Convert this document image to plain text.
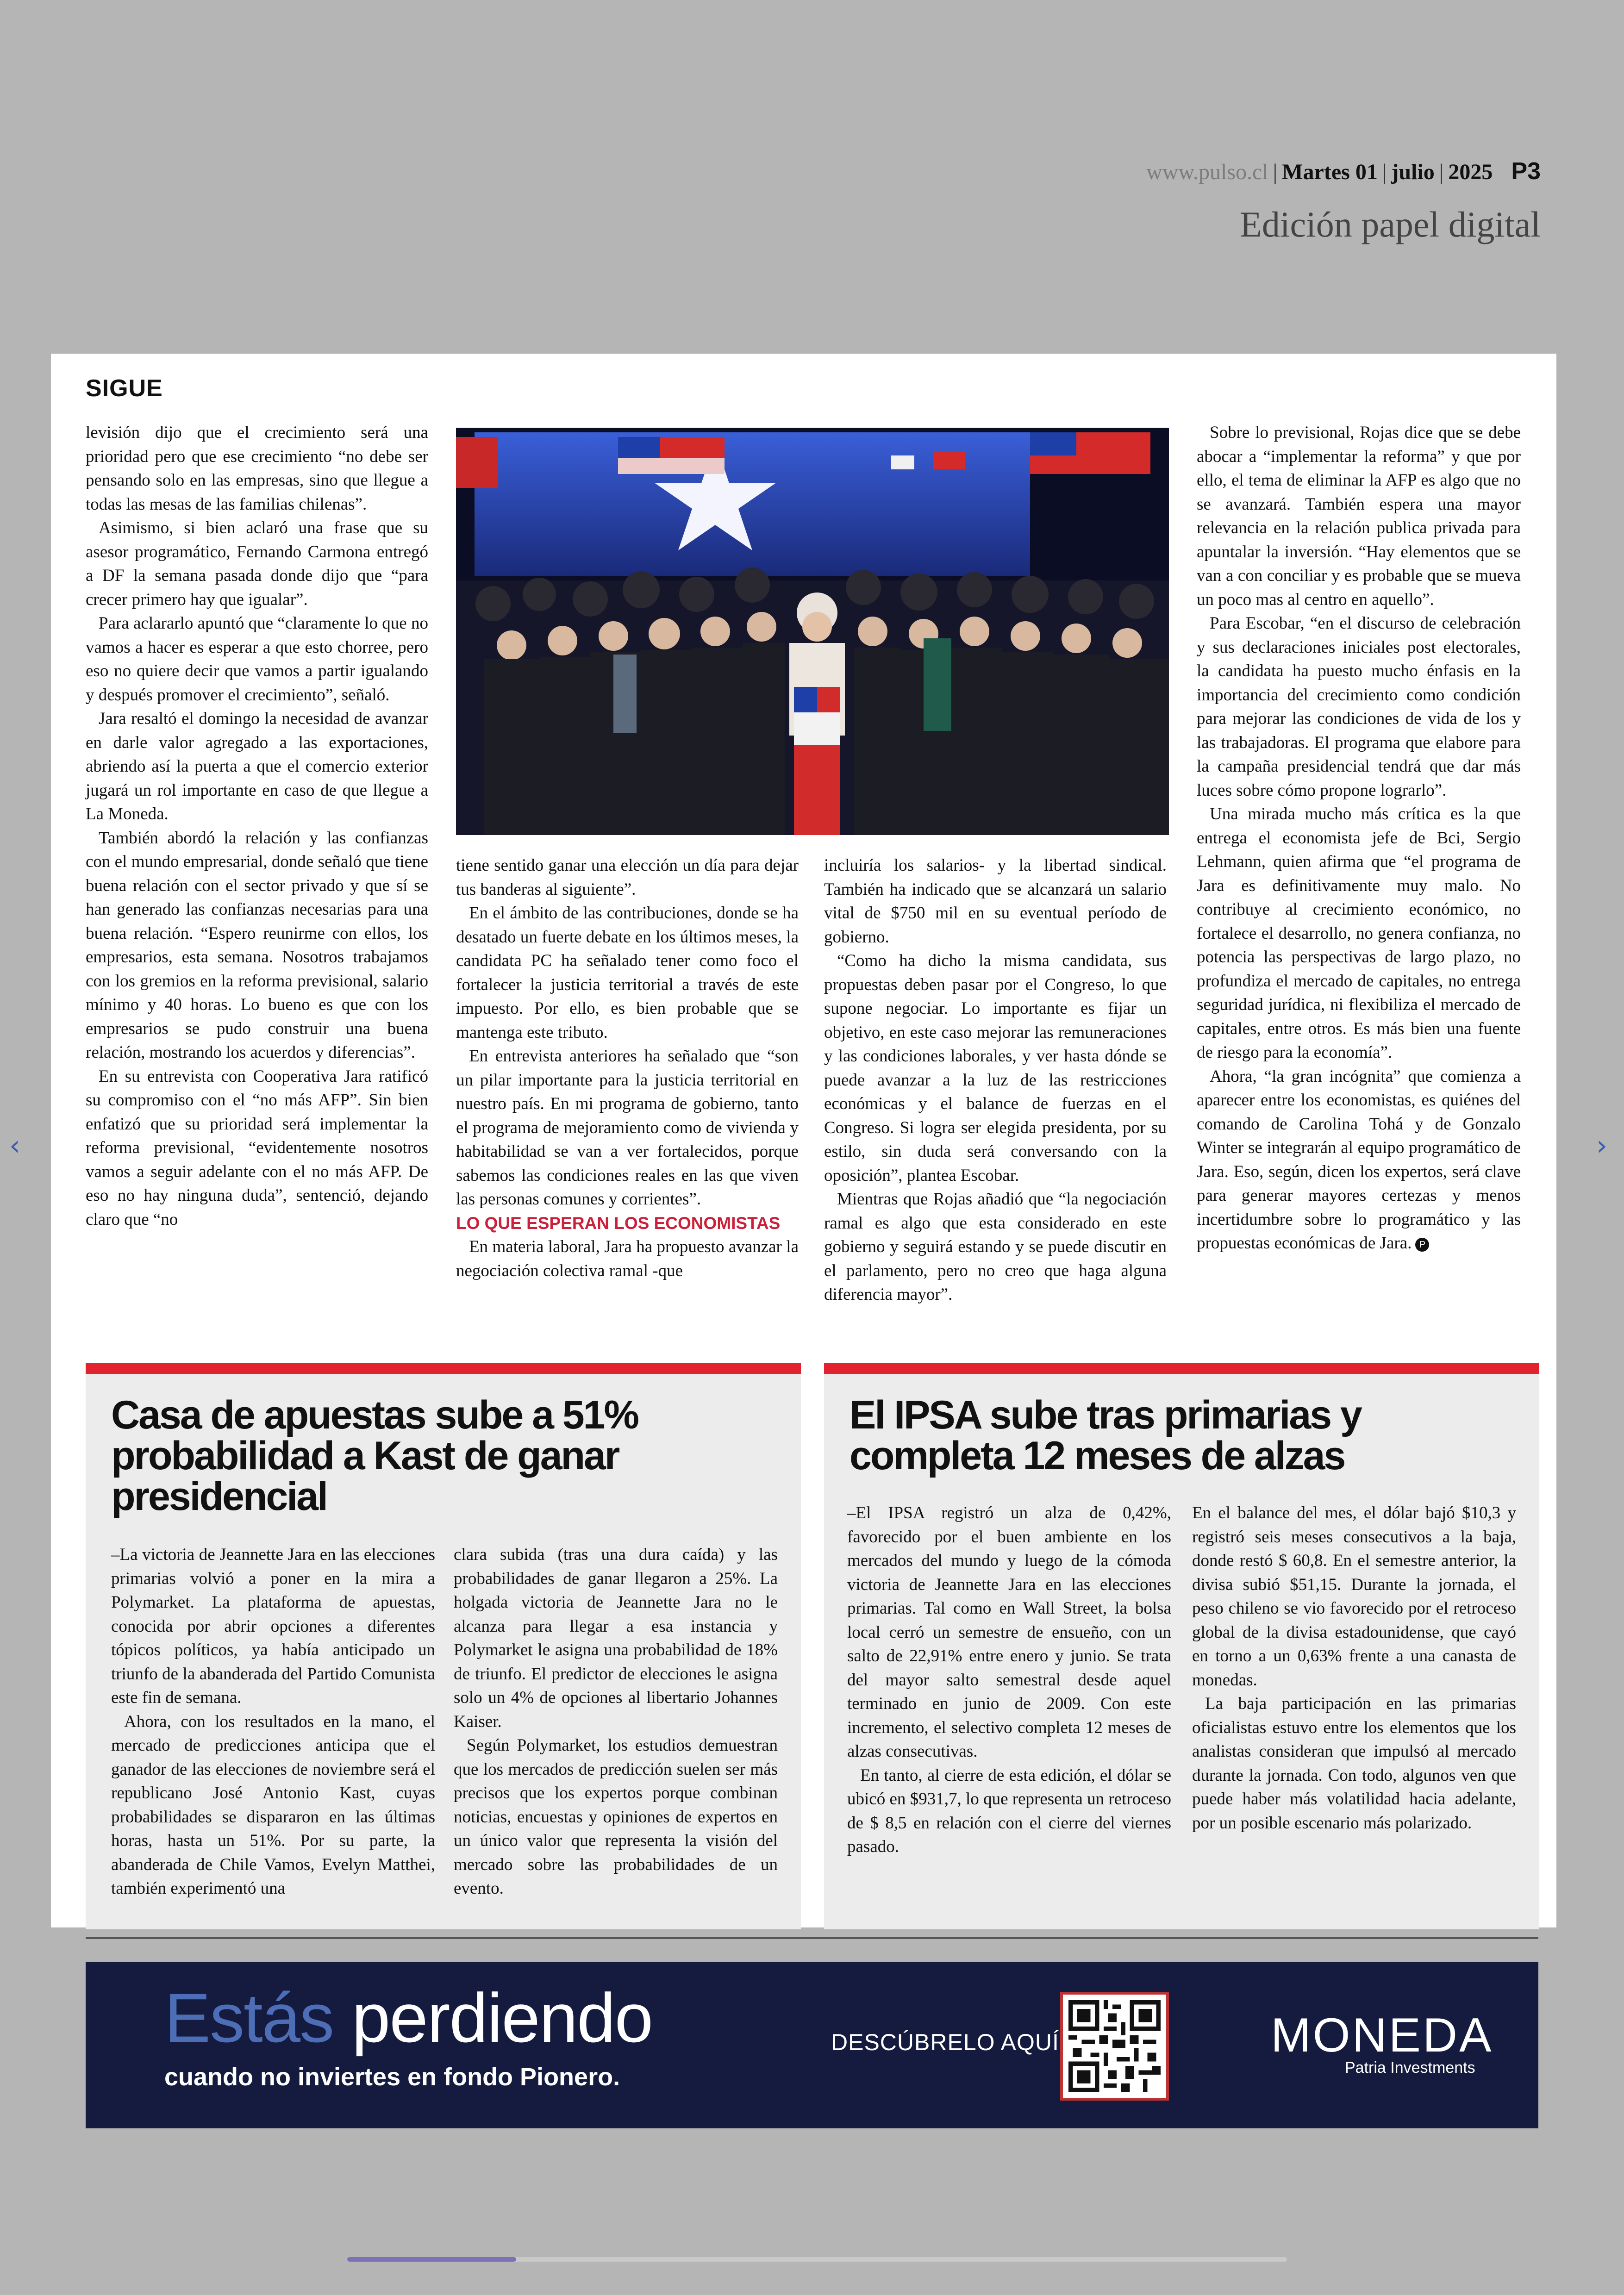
‹	›
www.pulso.cl | Martes 01 | julio | 2025 P3
Edición papel digital
SIGUE

levisión dijo que el crecimiento será una prioridad pero que ese crecimiento “no debe ser pensando solo en las empresas, sino que llegue a todas las mesas de las familias chilenas”.

Asimismo, si bien aclaró una frase que su asesor programático, Fernando Carmona entregó a DF la semana pasada donde dijo que “para crecer primero hay que igualar”.

Para aclararlo apuntó que “claramente lo que no vamos a hacer es esperar a que esto chorree, pero eso no quiere decir que vamos a partir igualando y después promover el crecimiento”, señaló.

Jara resaltó el domingo la necesidad de avanzar en darle valor agregado a las exportaciones, abriendo así la puerta a que el comercio exterior jugará un rol importante en caso de que llegue a La Moneda.

También abordó la relación y las confianzas con el mundo empresarial, donde señaló que tiene buena relación con el sector privado y que sí se han generado las confianzas necesarias para una buena relación. “Espero reunirme con ellos, los empresarios, esta semana. Nosotros trabajamos con los gremios en la reforma previsional, salario mínimo y 40 horas. Lo bueno es que con los empresarios se pudo construir una buena relación, mostrando los acuerdos y diferencias”.

En su entrevista con Cooperativa Jara ratificó su compromiso con el “no más AFP”. Sin bien enfatizó que su prioridad será implementar la reforma previsional, “evidentemente nosotros vamos a seguir adelante con el no más AFP. De eso no hay ninguna duda”, sentenció, dejando claro que “no

tiene sentido ganar una elección un día para dejar tus banderas al siguiente”.

En el ámbito de las contribuciones, donde se ha desatado un fuerte debate en los últimos meses, la candidata PC ha señalado tener como foco el fortalecer la justicia territorial a través de este impuesto. Por ello, es bien probable que se mantenga este tributo.

En entrevista anteriores ha señalado que “son un pilar importante para la justicia territorial en nuestro país. En mi programa de gobierno, tanto el programa de mejoramiento como de vivienda y habitabilidad se van a ver fortalecidos, porque sabemos las condiciones reales en las que viven las personas comunes y corrientes”.

LO QUE ESPERAN LOS ECONOMISTAS

En materia laboral, Jara ha propuesto avanzar la negociación colectiva ramal -que

incluiría los salarios- y la libertad sindical. También ha indicado que se alcanzará un salario vital de $750 mil en su eventual período de gobierno.

“Como ha dicho la misma candidata, sus propuestas deben pasar por el Congreso, lo que supone negociar. Lo importante es fijar un objetivo, en este caso mejorar las remuneraciones y las condiciones laborales, y ver hasta dónde se puede avanzar a la luz de las restricciones económicas y el balance de fuerzas en el Congreso. Si logra ser elegida presidenta, por su estilo, sin duda será conversando con la oposición”, plantea Escobar.

Mientras que Rojas añadió que “la negociación ramal es algo que esta considerado en este gobierno y seguirá estando y se puede discutir en el parlamento, pero no creo que haga alguna diferencia mayor”.

Sobre lo previsional, Rojas dice que se debe abocar a “implementar la reforma” y que por ello, el tema de eliminar la AFP es algo que no se avanzará. También espera una mayor relevancia en la relación publica privada para apuntalar la inversión. “Hay elementos que se van a con conciliar y es probable que se mueva un poco mas al centro en aquello”.

Para Escobar, “en el discurso de celebración y sus declaraciones iniciales post electorales, la candidata ha puesto mucho énfasis en la importancia del crecimiento como condición para mejorar las condiciones de vida de los y las trabajadoras. El programa que elabore para la campaña presidencial tendrá que dar más luces sobre cómo propone lograrlo”.

Una mirada mucho más crítica es la que entrega el economista jefe de Bci, Sergio Lehmann, quien afirma que “el programa de Jara es definitivamente muy malo. No contribuye al crecimiento económico, no fortalece el desarrollo, no genera confianza, no potencia las perspectivas de largo plazo, no profundiza el mercado de capitales, no entrega seguridad jurídica, ni flexibiliza el mercado de capitales, entre otros. Es más bien una fuente de riesgo para la economía”.

Ahora, “la gran incógnita” que comienza a aparecer entre los economistas, es quiénes del comando de Carolina Tohá y de Gonzalo Winter se integrarán al equipo programático de Jara. Eso, según, dicen los expertos, será clave para generar mayores certezas y menos incertidumbre sobre lo programático y las propuestas económicas de Jara. P

Casa de apuestas sube a 51% probabilidad a Kast de ganar presidencial

–La victoria de Jeannette Jara en las elecciones primarias volvió a poner en la mira a Polymarket. La plataforma de apuestas, conocida por abrir opciones a diferentes tópicos políticos, ya había anticipado un triunfo de la abanderada del Partido Comunista este fin de semana.

Ahora, con los resultados en la mano, el mercado de predicciones anticipa que el ganador de las elecciones de noviembre será el republicano José Antonio Kast, cuyas probabilidades se dispararon en las últimas horas, hasta un 51%. Por su parte, la abanderada de Chile Vamos, Evelyn Matthei, también experimentó una

clara subida (tras una dura caída) y las probabilidades de ganar llegaron a 25%. La holgada victoria de Jeannette Jara no le alcanza para llegar a esa instancia y Polymarket le asigna una probabilidad de 18% de triunfo. El predictor de elecciones le asigna solo un 4% de opciones al libertario Johannes Kaiser.

Según Polymarket, los estudios demuestran que los mercados de predicción suelen ser más precisos que los expertos porque combinan noticias, encuestas y opiniones de expertos en un único valor que representa la visión del mercado sobre las probabilidades de un evento.

El IPSA sube tras primarias y completa 12 meses de alzas

–El IPSA registró un alza de 0,42%, favorecido por el buen ambiente en los mercados del mundo y luego de la cómoda victoria de Jeannette Jara en las elecciones primarias. Tal como en Wall Street, la bolsa local cerró un semestre de ensueño, con un salto de 22,91% entre enero y junio. Se trata del mayor salto semestral desde aquel terminado en junio de 2009. Con este incremento, el selectivo completa 12 meses de alzas consecutivas.

En tanto, al cierre de esta edición, el dólar se ubicó en $931,7, lo que representa un retroceso de $ 8,5 en relación con el cierre del viernes pasado.

En el balance del mes, el dólar bajó $10,3 y registró seis meses consecutivos a la baja, donde restó $ 60,8. En el semestre anterior, la divisa subió $51,15. Durante la jornada, el peso chileno se vio favorecido por el retroceso global de la divisa estadounidense, que cayó en torno a un 0,63% frente a una canasta de monedas.

La baja participación en las primarias oficialistas estuvo entre los elementos que los analistas consideran que impulsó al mercado durante la jornada. Con todo, algunos ven que puede haber más volatilidad hacia adelante, por un posible escenario más polarizado.

Estás perdiendo
cuando no inviertes en fondo Pionero.
DESCÚBRELO AQUÍ	MONEDA
Patria Investments
